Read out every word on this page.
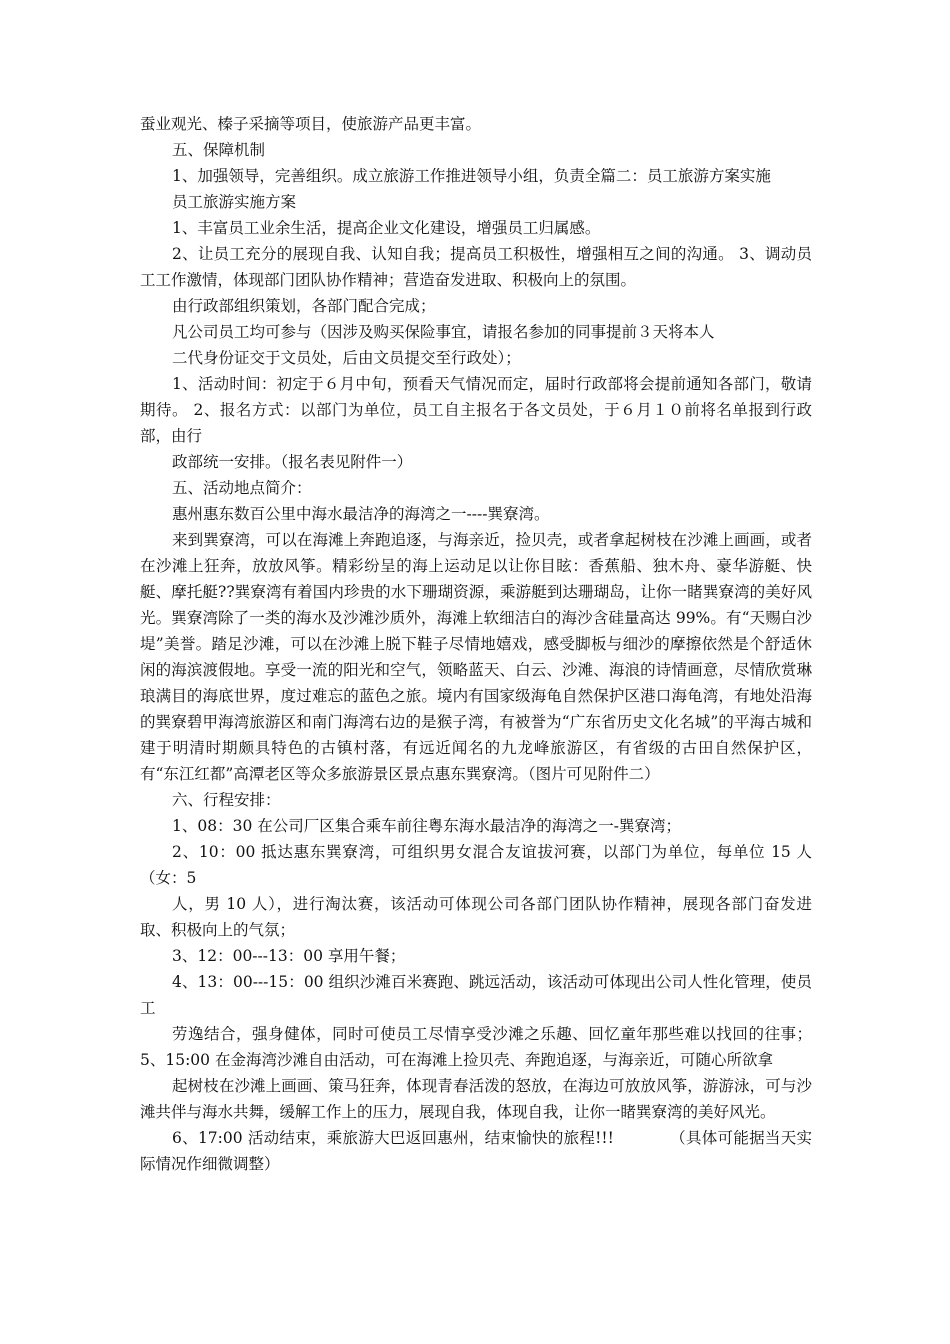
蚕业观光、榛子采摘等项目，使旅游产品更丰富。

五、保障机制

1、加强领导，完善组织。成立旅游工作推进领导小组，负责全篇二：员工旅游方案实施

员工旅游实施方案

1、丰富员工业余生活，提高企业文化建设，增强员工归属感。

2、让员工充分的展现自我、认知自我；提高员工积极性，增强相互之间的沟通。 3、调动员工工作激情，体现部门团队协作精神；营造奋发进取、积极向上的氛围。

由行政部组织策划，各部门配合完成；

凡公司员工均可参与（因涉及购买保险事宜，请报名参加的同事提前３天将本人

二代身份证交于文员处，后由文员提交至行政处）；

1、活动时间：初定于６月中旬，预看天气情况而定，届时行政部将会提前通知各部门，敬请期待。 2、报名方式：以部门为单位，员工自主报名于各文员处，于６月１０前将名单报到行政部，由行

政部统一安排。（报名表见附件一）

五、活动地点简介：

惠州惠东数百公里中海水最洁净的海湾之一----巽寮湾。

来到巽寮湾，可以在海滩上奔跑追逐，与海亲近，捡贝壳，或者拿起树枝在沙滩上画画，或者在沙滩上狂奔，放放风筝。精彩纷呈的海上运动足以让你目眩：香蕉船、独木舟、豪华游艇、快艇、摩托艇??巽寮湾有着国内珍贵的水下珊瑚资源，乘游艇到达珊瑚岛，让你一睹巽寮湾的美好风光。巽寮湾除了一类的海水及沙滩沙质外，海滩上软细洁白的海沙含硅量高达 99%。有“天赐白沙堤”美誉。踏足沙滩，可以在沙滩上脱下鞋子尽情地嬉戏，感受脚板与细沙的摩擦依然是个舒适休闲的海滨渡假地。享受一流的阳光和空气，领略蓝天、白云、沙滩、海浪的诗情画意，尽情欣赏琳琅满目的海底世界，度过难忘的蓝色之旅。境内有国家级海龟自然保护区港口海龟湾，有地处沿海的巽寮碧甲海湾旅游区和南门海湾右边的是猴子湾，有被誉为“广东省历史文化名城”的平海古城和建于明清时期颇具特色的古镇村落，有远近闻名的九龙峰旅游区，有省级的古田自然保护区，有“东江红都”高潭老区等众多旅游景区景点惠东巽寮湾。（图片可见附件二）

六、行程安排：

1、08：30 在公司厂区集合乘车前往粤东海水最洁净的海湾之一-巽寮湾；

2、10：00 抵达惠东巽寮湾，可组织男女混合友谊拔河赛，以部门为单位，每单位 15 人（女：5

人，男 10 人），进行淘汰赛，该活动可体现公司各部门团队协作精神，展现各部门奋发进取、积极向上的气氛；

3、12：00---13：00 享用午餐；

4、13：00---15：00 组织沙滩百米赛跑、跳远活动，该活动可体现出公司人性化管理，使员工

劳逸结合，强身健体，同时可使员工尽情享受沙滩之乐趣、回忆童年那些难以找回的往事； 5、15:00 在金海湾沙滩自由活动，可在海滩上捡贝壳、奔跑追逐，与海亲近，可随心所欲拿

起树枝在沙滩上画画、策马狂奔，体现青春活泼的怒放，在海边可放放风筝，游游泳，可与沙滩共伴与海水共舞，缓解工作上的压力，展现自我，体现自我，让你一睹巽寮湾的美好风光。

6、17:00 活动结束，乘旅游大巴返回惠州，结束愉快的旅程!!!	（具体可能据当天实际情况作细微调整）
